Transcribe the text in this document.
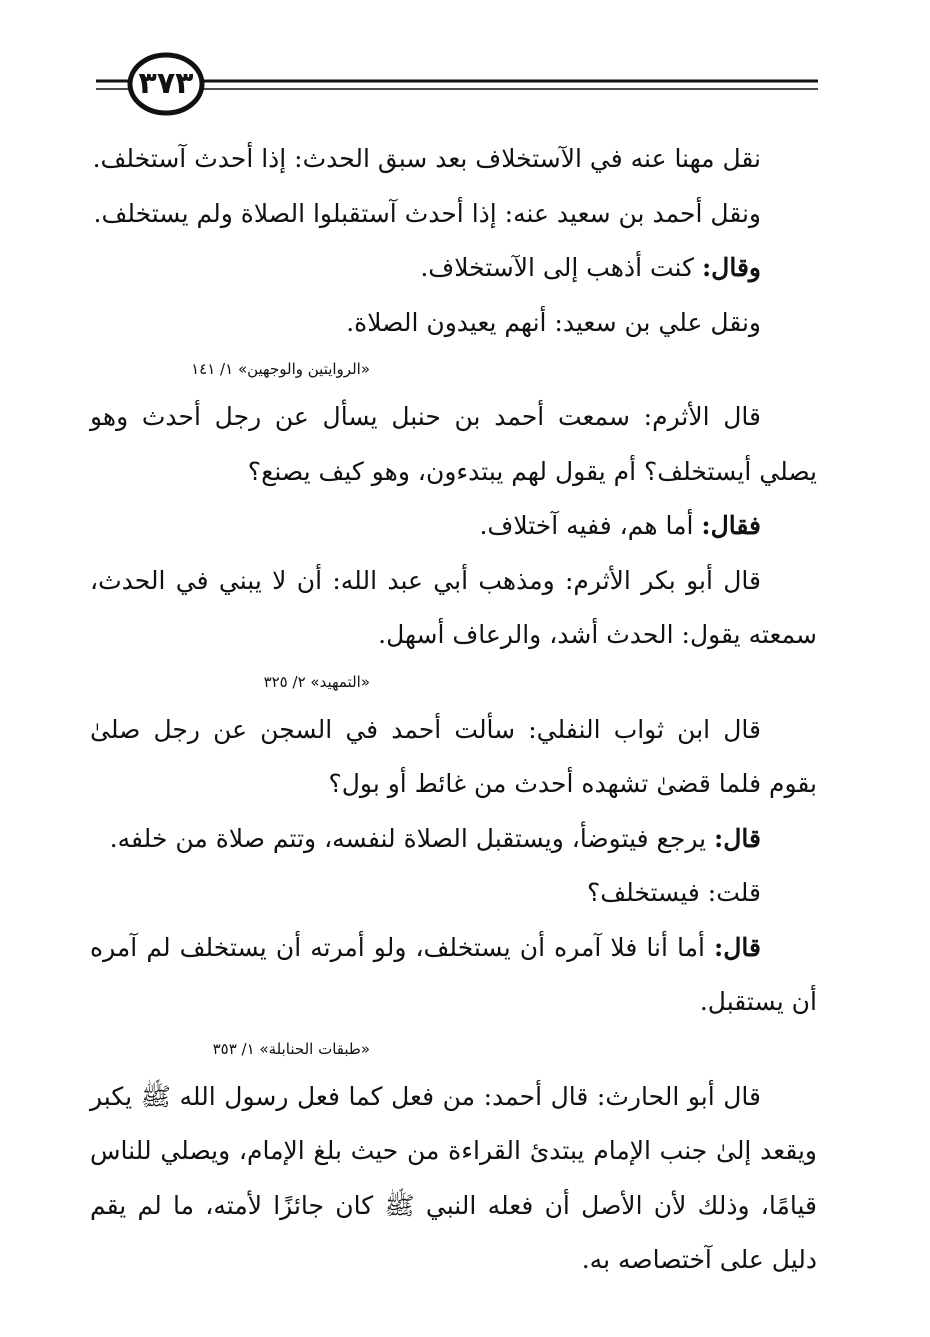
٣٧٣

نقل مهنا عنه في الآستخلاف بعد سبق الحدث: إذا أحدث آستخلف.

ونقل أحمد بن سعيد عنه: إذا أحدث آستقبلوا الصلاة ولم يستخلف.

وقال: كنت أذهب إلى الآستخلاف.

ونقل علي بن سعيد: أنهم يعيدون الصلاة.

«الروايتين والوجهين» ١/ ١٤١

قال الأثرم: سمعت أحمد بن حنبل يسأل عن رجل أحدث وهو يصلي أيستخلف؟ أم يقول لهم يبتدءون، وهو كيف يصنع؟

فقال: أما هم، ففيه آختلاف.

قال أبو بكر الأثرم: ومذهب أبي عبد الله: أن لا يبني في الحدث، سمعته يقول: الحدث أشد، والرعاف أسهل.

«التمهيد» ٢/ ٣٢٥

قال ابن ثواب النفلي: سألت أحمد في السجن عن رجل صلىٰ بقوم فلما قضىٰ تشهده أحدث من غائط أو بول؟

قال: يرجع فيتوضأ، ويستقبل الصلاة لنفسه، وتتم صلاة من خلفه.

قلت: فيستخلف؟

قال: أما أنا فلا آمره أن يستخلف، ولو أمرته أن يستخلف لم آمره أن يستقبل.

«طبقات الحنابلة» ١/ ٣٥٣

قال أبو الحارث: قال أحمد: من فعل كما فعل رسول الله ﷺ يكبر ويقعد إلىٰ جنب الإمام يبتدئ القراءة من حيث بلغ الإمام، ويصلي للناس قيامًا، وذلك لأن الأصل أن فعله النبي ﷺ كان جائزًا لأمته، ما لم يقم دليل على آختصاصه به.
